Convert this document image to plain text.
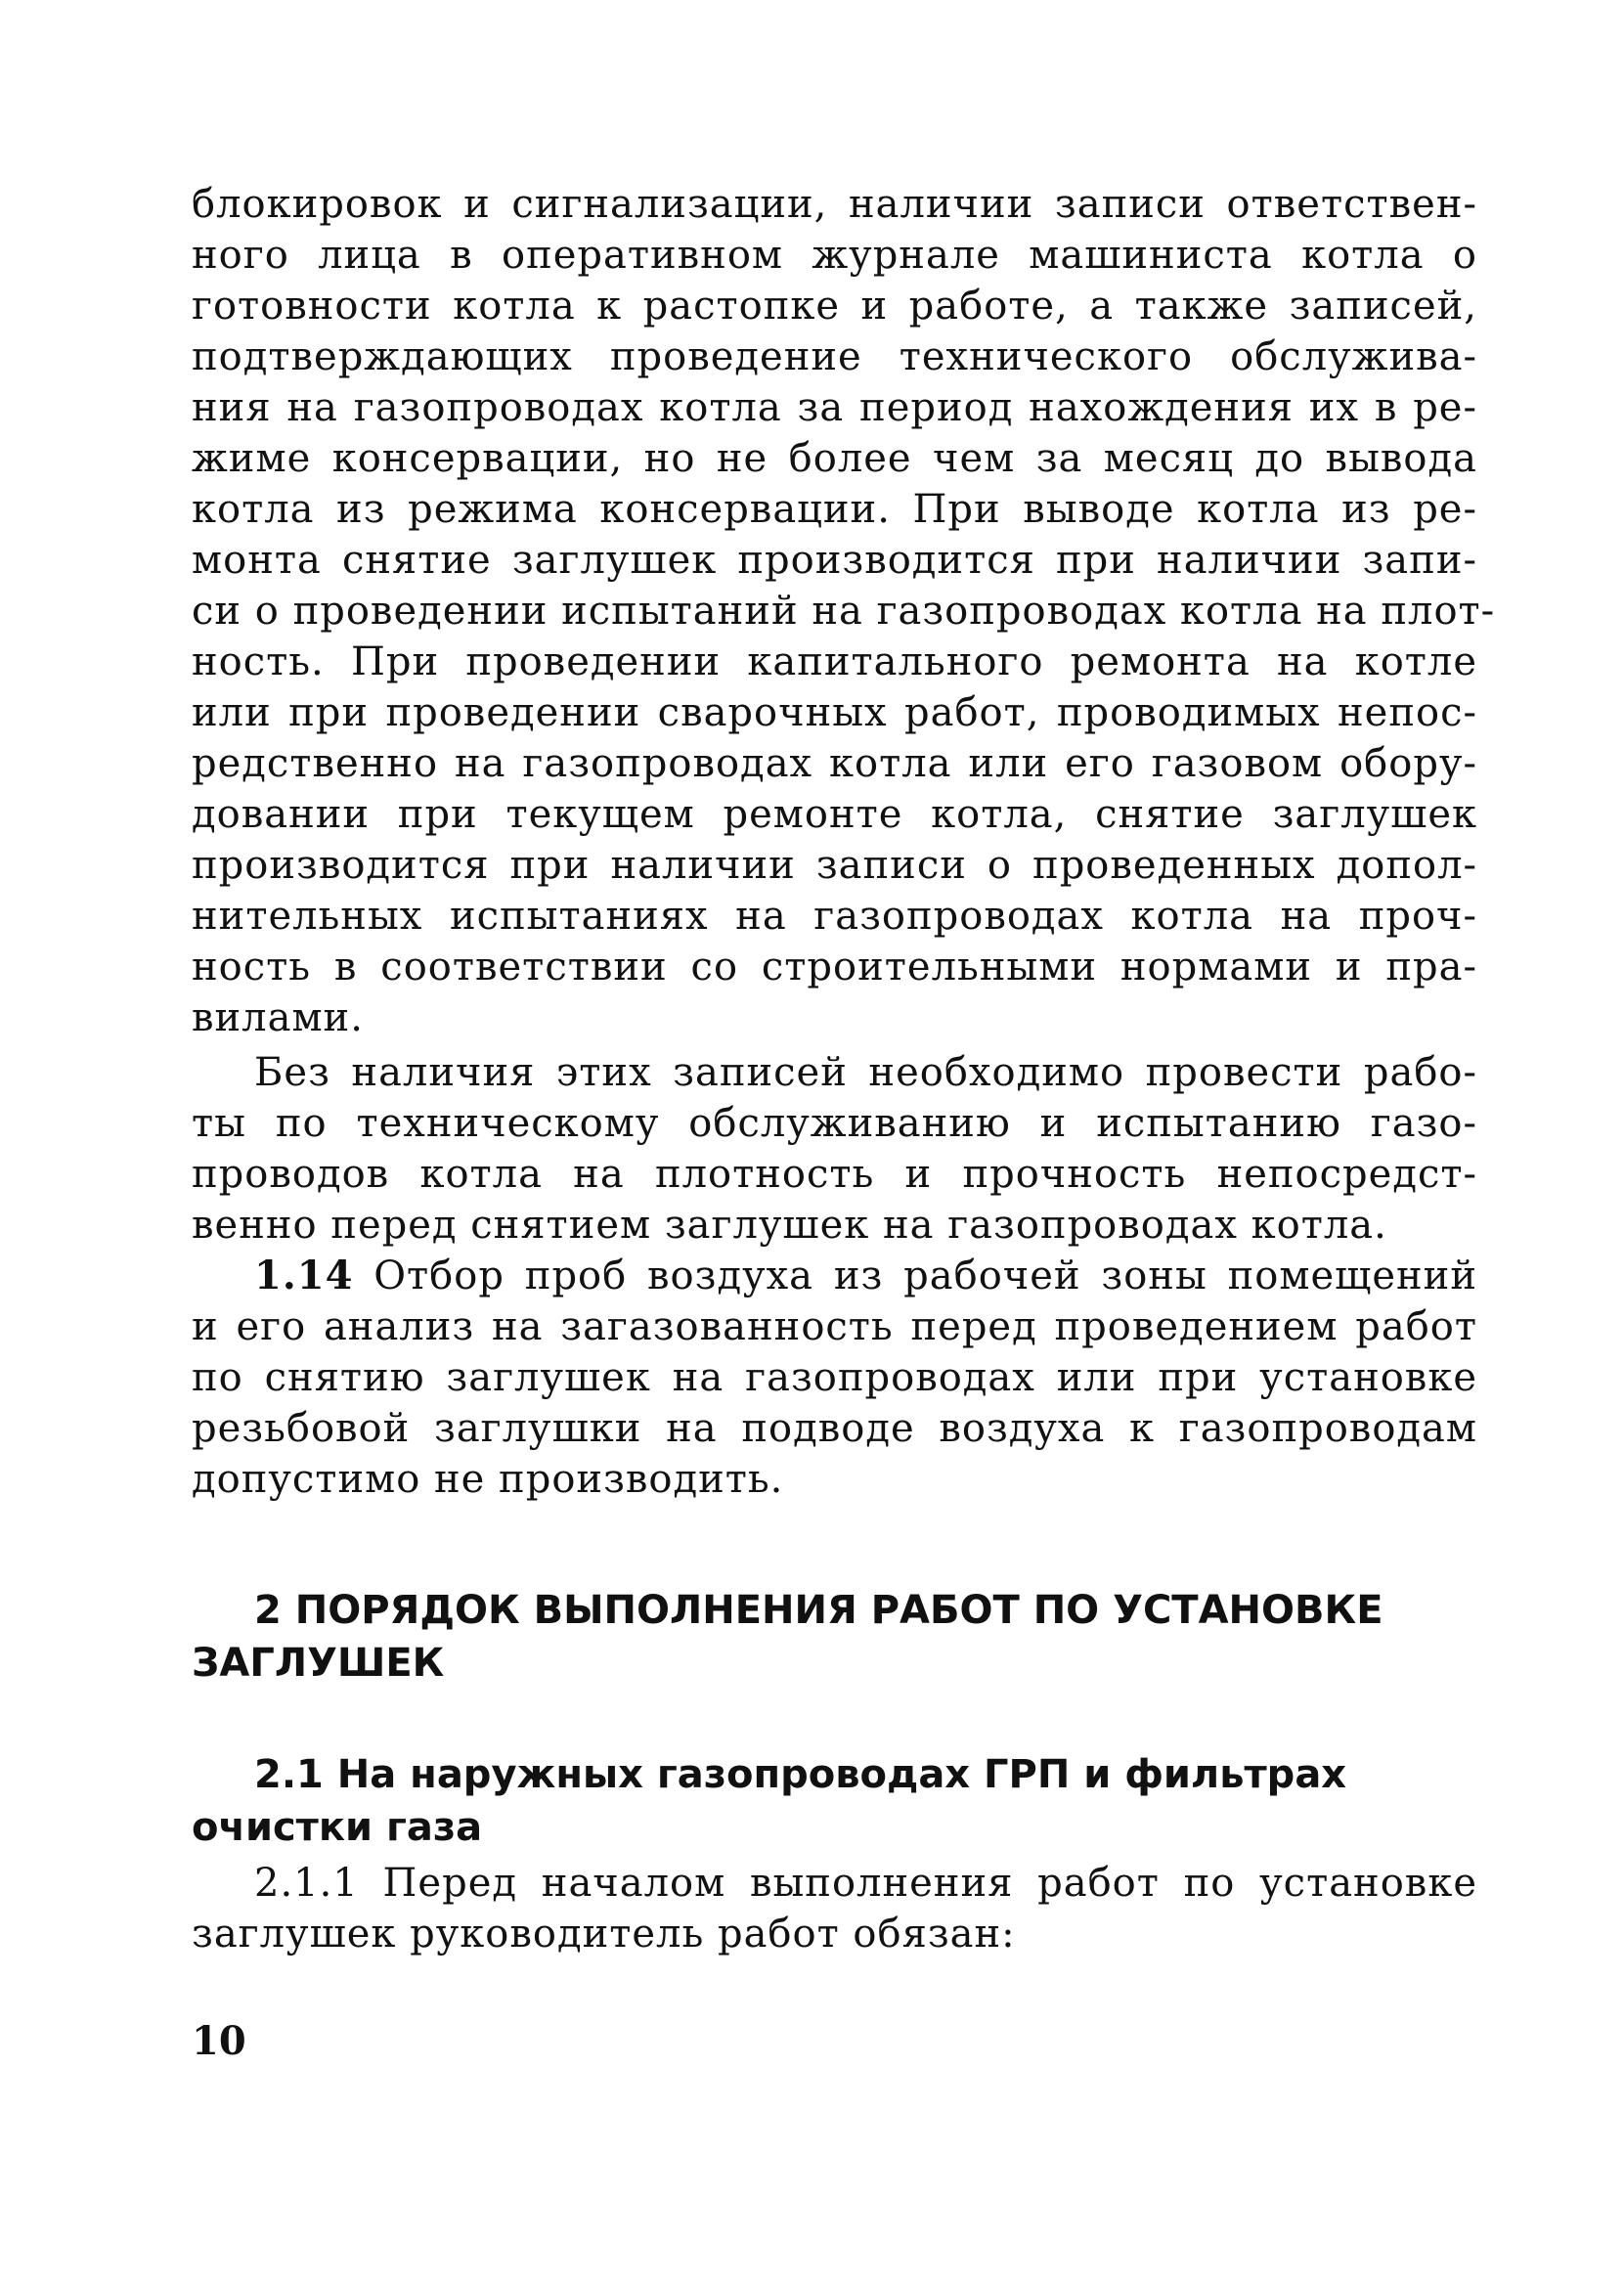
блокировок и сигнализации, наличии записи ответствен-
ного лица в оперативном журнале машиниста котла о
готовности котла к растопке и работе, а также записей,
подтверждающих проведение технического обслужива-
ния на газопроводах котла за период нахождения их в ре-
жиме консервации, но не более чем за месяц до вывода
котла из режима консервации. При выводе котла из ре-
монта снятие заглушек производится при наличии запи-
си о проведении испытаний на газопроводах котла на плот-
ность. При проведении капитального ремонта на котле
или при проведении сварочных работ, проводимых непос-
редственно на газопроводах котла или его газовом обору-
довании при текущем ремонте котла, снятие заглушек
производится при наличии записи о проведенных допол-
нительных испытаниях на газопроводах котла на проч-
ность в соответствии со строительными нормами и пра-
вилами.
Без наличия этих записей необходимо провести рабо-
ты по техническому обслуживанию и испытанию газо-
проводов котла на плотность и прочность непосредст-
венно перед снятием заглушек на газопроводах котла.
1.14 Отбор проб воздуха из рабочей зоны помещений
и его анализ на загазованность перед проведением работ
по снятию заглушек на газопроводах или при установке
резьбовой заглушки на подводе воздуха к газопроводам
допустимо не производить.
2 ПОРЯДОК ВЫПОЛНЕНИЯ РАБОТ ПО УСТАНОВКЕ
ЗАГЛУШЕК
2.1 На наружных газопроводах ГРП и фильтрах
очистки газа
2.1.1 Перед началом выполнения работ по установке
заглушек руководитель работ обязан:
10
